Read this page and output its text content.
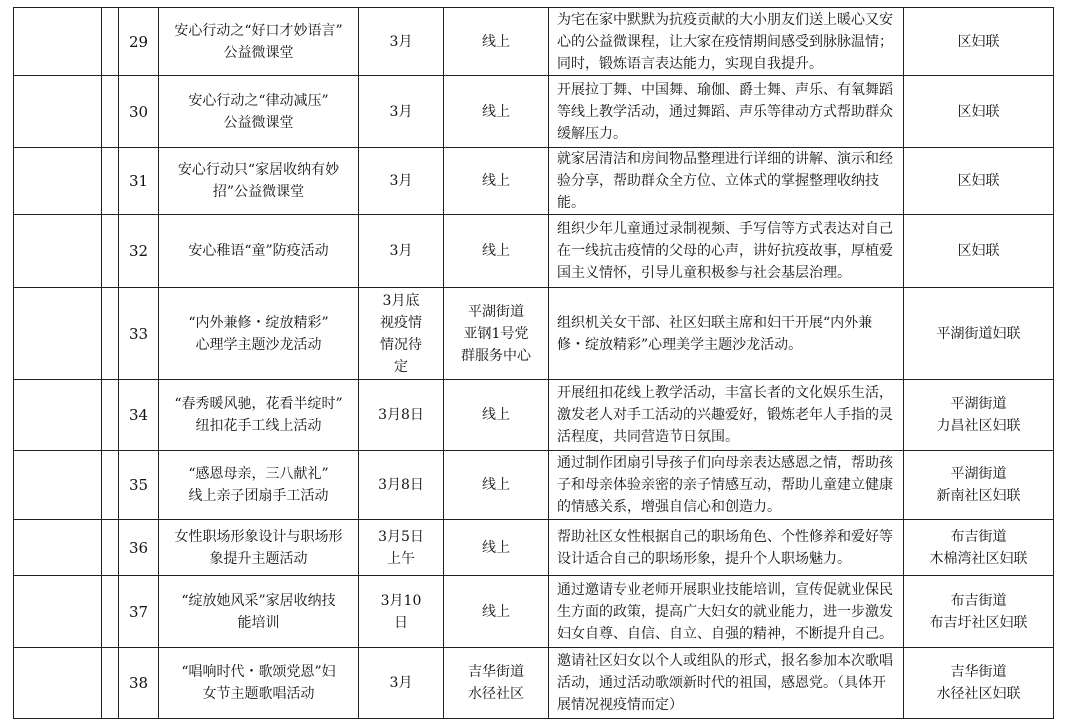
		29	安心行动之“好口才妙语言”
公益微课堂	3月	线上	为宅在家中默默为抗疫贡献的大小朋友们送上暖心又安心的公益微课程，让大家在疫情期间感受到脉脉温情；同时，锻炼语言表达能力，实现自我提升。	区妇联
		30	安心行动之“律动减压”
公益微课堂	3月	线上	开展拉丁舞、中国舞、瑜伽、爵士舞、声乐、有氧舞蹈等线上教学活动，通过舞蹈、声乐等律动方式帮助群众缓解压力。	区妇联
		31	安心行动只“家居收纳有妙
招”公益微课堂	3月	线上	就家居清洁和房间物品整理进行详细的讲解、演示和经验分享，帮助群众全方位、立体式的掌握整理收纳技能。	区妇联
		32	安心稚语“童”防疫活动	3月	线上	组织少年儿童通过录制视频、手写信等方式表达对自己在一线抗击疫情的父母的心声，讲好抗疫故事，厚植爱国主义情怀，引导儿童积极参与社会基层治理。	区妇联
		33	“内外兼修・绽放精彩”
心理学主题沙龙活动	3月底
视疫情
情况待
定	平湖街道
亚钢1号党
群服务中心	组织机关女干部、社区妇联主席和妇干开展“内外兼修・绽放精彩”心理美学主题沙龙活动。	平湖街道妇联
		34	“春秀暖风驰，花看半绽时”
纽扣花手工线上活动	3月8日	线上	开展纽扣花线上教学活动，丰富长者的文化娱乐生活，激发老人对手工活动的兴趣爱好，锻炼老年人手指的灵活程度，共同营造节日氛围。	平湖街道
力昌社区妇联
		35	“感恩母亲，三八献礼”
线上亲子团扇手工活动	3月8日	线上	通过制作团扇引导孩子们向母亲表达感恩之情，帮助孩子和母亲体验亲密的亲子情感互动，帮助儿童建立健康的情感关系，增强自信心和创造力。	平湖街道
新南社区妇联
		36	女性职场形象设计与职场形
象提升主题活动	3月5日
上午	线上	帮助社区女性根据自己的职场角色、个性修养和爱好等设计适合自己的职场形象，提升个人职场魅力。	布吉街道
木棉湾社区妇联
		37	“绽放她风采”家居收纳技
能培训	3月10
日	线上	通过邀请专业老师开展职业技能培训，宣传促就业保民生方面的政策，提高广大妇女的就业能力，进一步激发妇女自尊、自信、自立、自强的精神，不断提升自己。	布吉街道
布吉圩社区妇联
		38	“唱响时代・歌颂党恩”妇
女节主题歌唱活动	3月	吉华街道
水径社区	邀请社区妇女以个人或组队的形式，报名参加本次歌唱活动，通过活动歌颂新时代的祖国，感恩党。（具体开展情况视疫情而定）	吉华街道
水径社区妇联
